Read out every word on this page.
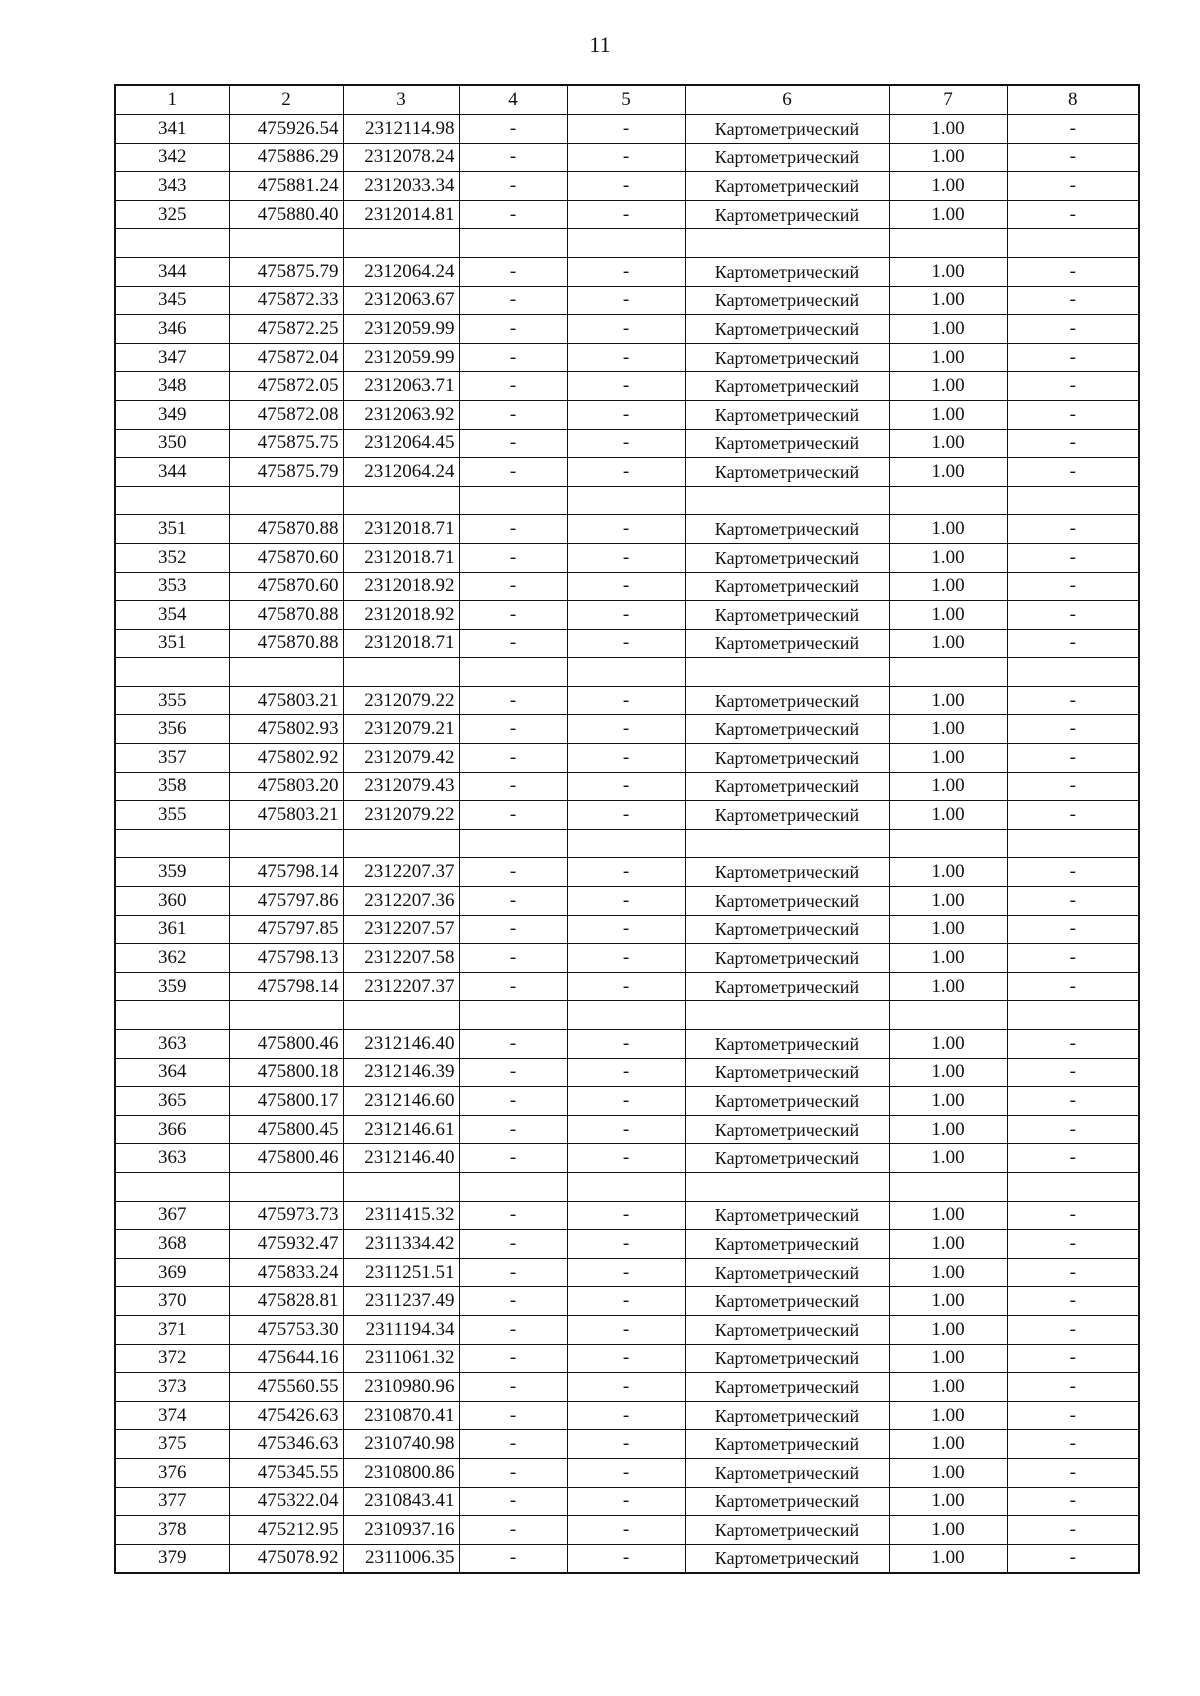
11
1	2	3	4	5	6	7	8
341	475926.54	2312114.98	-	-	Картометрический	1.00	-
342	475886.29	2312078.24	-	-	Картометрический	1.00	-
343	475881.24	2312033.34	-	-	Картометрический	1.00	-
325	475880.40	2312014.81	-	-	Картометрический	1.00	-

344	475875.79	2312064.24	-	-	Картометрический	1.00	-
345	475872.33	2312063.67	-	-	Картометрический	1.00	-
346	475872.25	2312059.99	-	-	Картометрический	1.00	-
347	475872.04	2312059.99	-	-	Картометрический	1.00	-
348	475872.05	2312063.71	-	-	Картометрический	1.00	-
349	475872.08	2312063.92	-	-	Картометрический	1.00	-
350	475875.75	2312064.45	-	-	Картометрический	1.00	-
344	475875.79	2312064.24	-	-	Картометрический	1.00	-

351	475870.88	2312018.71	-	-	Картометрический	1.00	-
352	475870.60	2312018.71	-	-	Картометрический	1.00	-
353	475870.60	2312018.92	-	-	Картометрический	1.00	-
354	475870.88	2312018.92	-	-	Картометрический	1.00	-
351	475870.88	2312018.71	-	-	Картометрический	1.00	-

355	475803.21	2312079.22	-	-	Картометрический	1.00	-
356	475802.93	2312079.21	-	-	Картометрический	1.00	-
357	475802.92	2312079.42	-	-	Картометрический	1.00	-
358	475803.20	2312079.43	-	-	Картометрический	1.00	-
355	475803.21	2312079.22	-	-	Картометрический	1.00	-

359	475798.14	2312207.37	-	-	Картометрический	1.00	-
360	475797.86	2312207.36	-	-	Картометрический	1.00	-
361	475797.85	2312207.57	-	-	Картометрический	1.00	-
362	475798.13	2312207.58	-	-	Картометрический	1.00	-
359	475798.14	2312207.37	-	-	Картометрический	1.00	-

363	475800.46	2312146.40	-	-	Картометрический	1.00	-
364	475800.18	2312146.39	-	-	Картометрический	1.00	-
365	475800.17	2312146.60	-	-	Картометрический	1.00	-
366	475800.45	2312146.61	-	-	Картометрический	1.00	-
363	475800.46	2312146.40	-	-	Картометрический	1.00	-

367	475973.73	2311415.32	-	-	Картометрический	1.00	-
368	475932.47	2311334.42	-	-	Картометрический	1.00	-
369	475833.24	2311251.51	-	-	Картометрический	1.00	-
370	475828.81	2311237.49	-	-	Картометрический	1.00	-
371	475753.30	2311194.34	-	-	Картометрический	1.00	-
372	475644.16	2311061.32	-	-	Картометрический	1.00	-
373	475560.55	2310980.96	-	-	Картометрический	1.00	-
374	475426.63	2310870.41	-	-	Картометрический	1.00	-
375	475346.63	2310740.98	-	-	Картометрический	1.00	-
376	475345.55	2310800.86	-	-	Картометрический	1.00	-
377	475322.04	2310843.41	-	-	Картометрический	1.00	-
378	475212.95	2310937.16	-	-	Картометрический	1.00	-
379	475078.92	2311006.35	-	-	Картометрический	1.00	-
